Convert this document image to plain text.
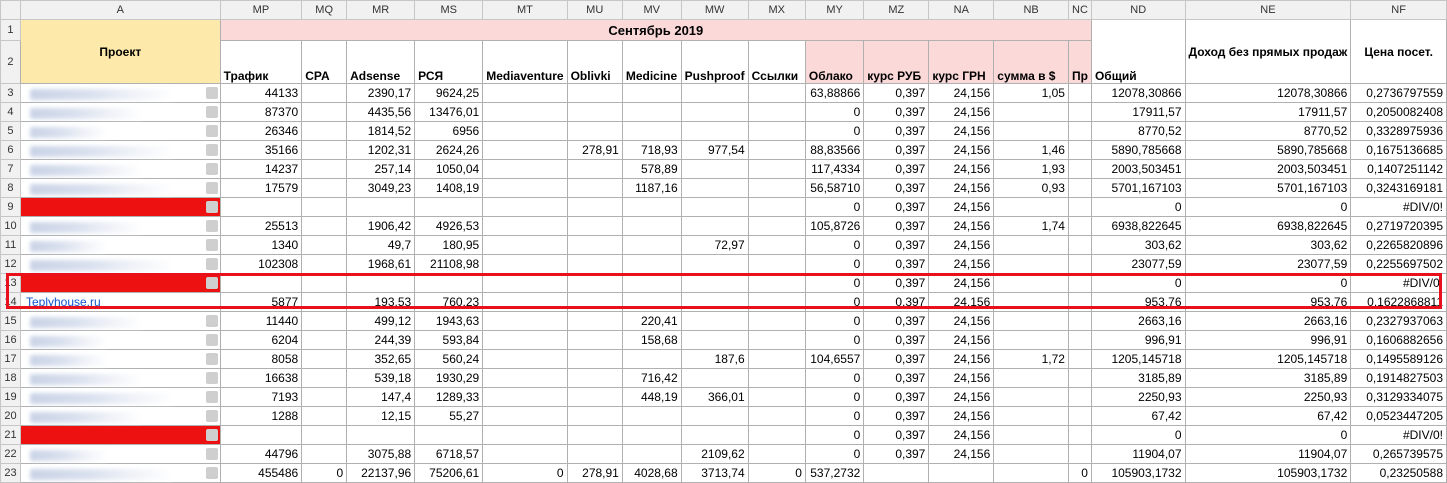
	A	MP	MQ	MR	MS	MT	MU	MV	MW	MX	MY	MZ	NA	NB	NC	ND	NE	NF
1	Проект	Сентябрь 2019														Общий	Доход без прямых продаж	Цена посет.
2		Трафик	CPA	Adsense	РСЯ	Mediaventure	Oblivki	Medicine	Pushproof	Ссылки	Облако	курс РУБ	курс ГРН	сумма в $	Пр			
3		44133		2390,17	9624,25						63,88866	0,397	24,156	1,05		12078,30866	12078,30866	0,2736797559
4		87370		4435,56	13476,01						0	0,397	24,156			17911,57	17911,57	0,2050082408
5		26346		1814,52	6956						0	0,397	24,156			8770,52	8770,52	0,3328975936
6		35166		1202,31	2624,26		278,91	718,93	977,54		88,83566	0,397	24,156	1,46		5890,785668	5890,785668	0,1675136685
7		14237		257,14	1050,04			578,89			117,4334	0,397	24,156	1,93		2003,503451	2003,503451	0,1407251142
8		17579		3049,23	1408,19			1187,16			56,58710	0,397	24,156	0,93		5701,167103	5701,167103	0,3243169181
9											0	0,397	24,156			0	0	#DIV/0!
10		25513		1906,42	4926,53						105,8726	0,397	24,156	1,74		6938,822645	6938,822645	0,2719720395
11		1340		49,7	180,95				72,97		0	0,397	24,156			303,62	303,62	0,2265820896
12		102308		1968,61	21108,98						0	0,397	24,156			23077,59	23077,59	0,2255697502
13											0	0,397	24,156			0	0	#DIV/0!
14	Teplyhouse.ru	5877		193,53	760,23						0	0,397	24,156			953,76	953,76	0,1622868811
15		11440		499,12	1943,63			220,41			0	0,397	24,156			2663,16	2663,16	0,2327937063
16		6204		244,39	593,84			158,68			0	0,397	24,156			996,91	996,91	0,1606882656
17		8058		352,65	560,24				187,6		104,6557	0,397	24,156	1,72		1205,145718	1205,145718	0,1495589126
18		16638		539,18	1930,29			716,42			0	0,397	24,156			3185,89	3185,89	0,1914827503
19		7193		147,4	1289,33			448,19	366,01		0	0,397	24,156			2250,93	2250,93	0,3129334075
20		1288		12,15	55,27						0	0,397	24,156			67,42	67,42	0,0523447205
21											0	0,397	24,156			0	0	#DIV/0!
22		44796		3075,88	6718,57				2109,62		0	0,397	24,156			11904,07	11904,07	0,265739575
23		455486	0	22137,96	75206,61	0	278,91	4028,68	3713,74	0	537,2732				0	105903,1732	105903,1732	0,23250588
